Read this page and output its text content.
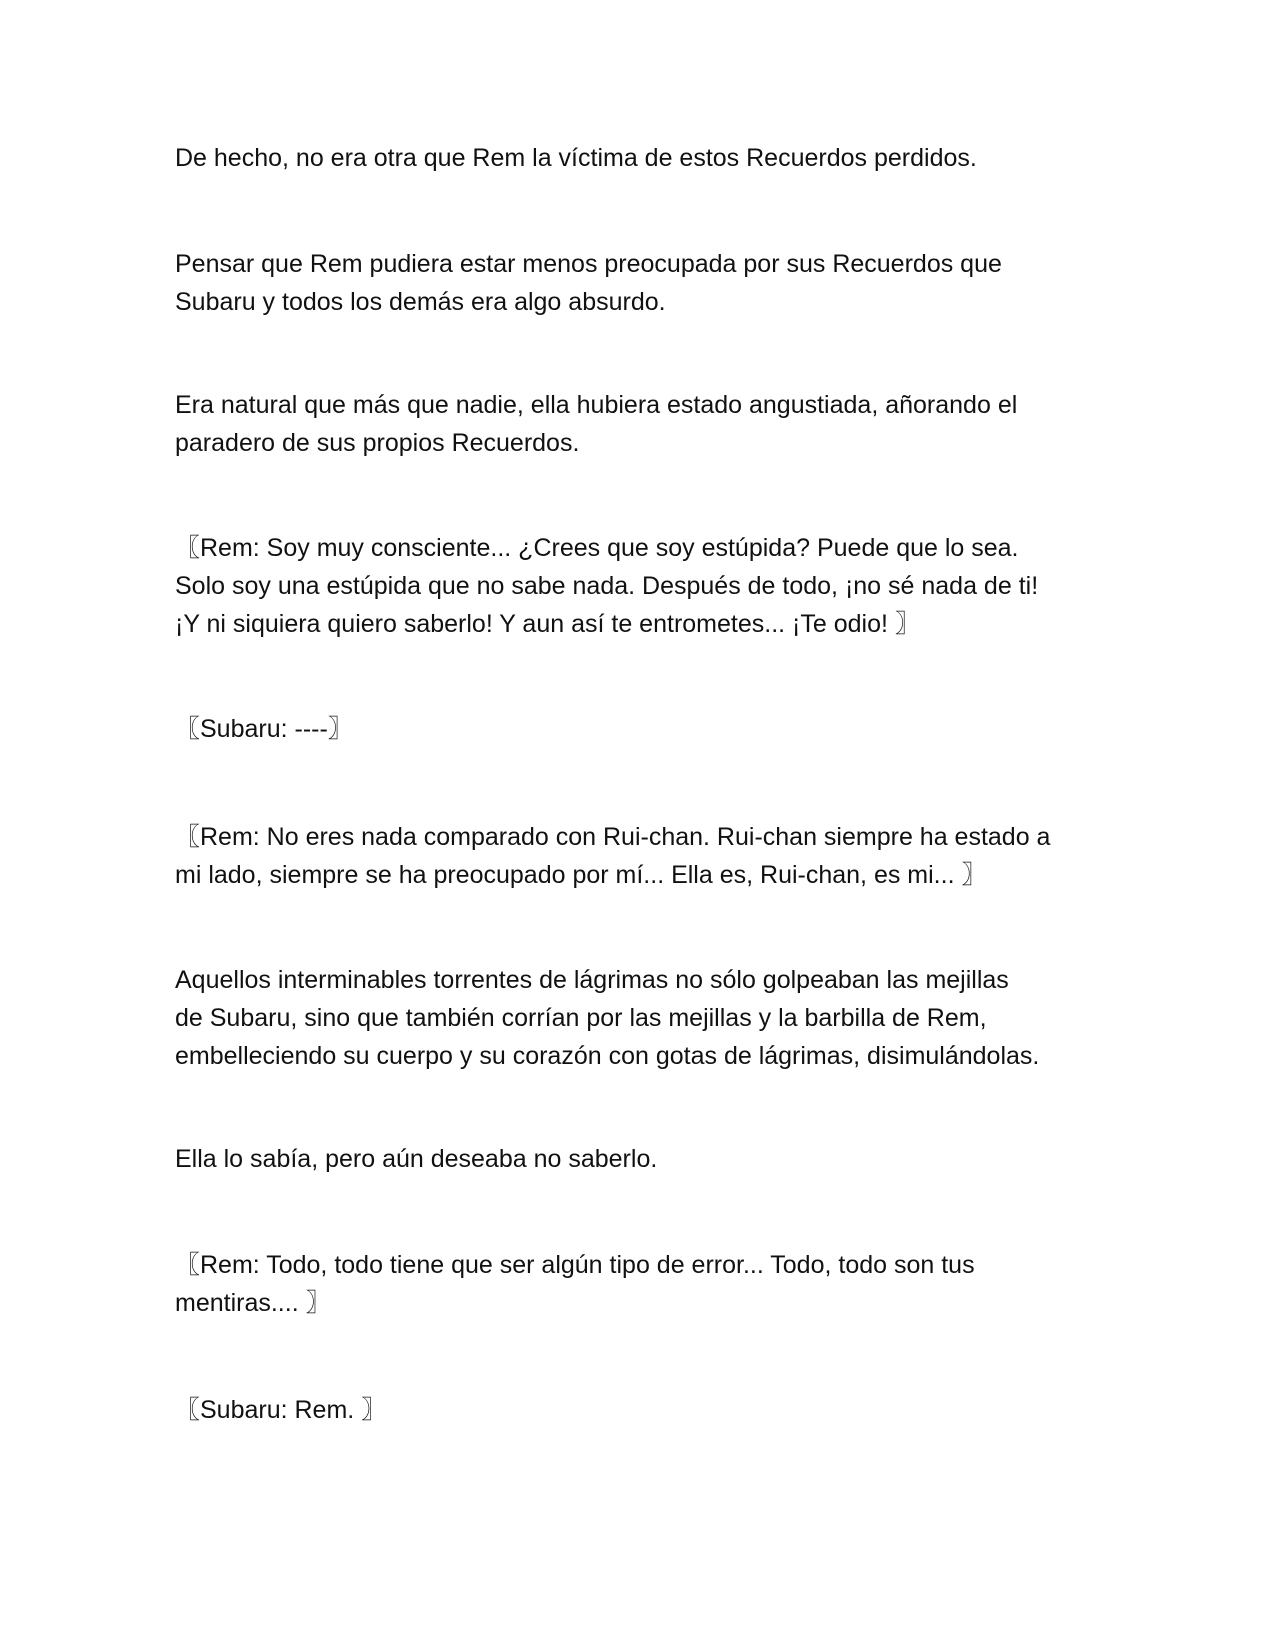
De hecho, no era otra que Rem la víctima de estos Recuerdos perdidos.

Pensar que Rem pudiera estar menos preocupada por sus Recuerdos que
Subaru y todos los demás era algo absurdo.

Era natural que más que nadie, ella hubiera estado angustiada, añorando el
paradero de sus propios Recuerdos.

〖Rem: Soy muy consciente... ¿Crees que soy estúpida? Puede que lo sea.
Solo soy una estúpida que no sabe nada. Después de todo, ¡no sé nada de ti!
¡Y ni siquiera quiero saberlo! Y aun así te entrometes... ¡Te odio! 〗

〖Subaru: ----〗

〖Rem: No eres nada comparado con Rui-chan. Rui-chan siempre ha estado a
mi lado, siempre se ha preocupado por mí... Ella es, Rui-chan, es mi... 〗

Aquellos interminables torrentes de lágrimas no sólo golpeaban las mejillas
de Subaru, sino que también corrían por las mejillas y la barbilla de Rem,
embelleciendo su cuerpo y su corazón con gotas de lágrimas, disimulándolas.

Ella lo sabía, pero aún deseaba no saberlo.

〖Rem: Todo, todo tiene que ser algún tipo de error... Todo, todo son tus
mentiras.... 〗

〖Subaru: Rem. 〗
